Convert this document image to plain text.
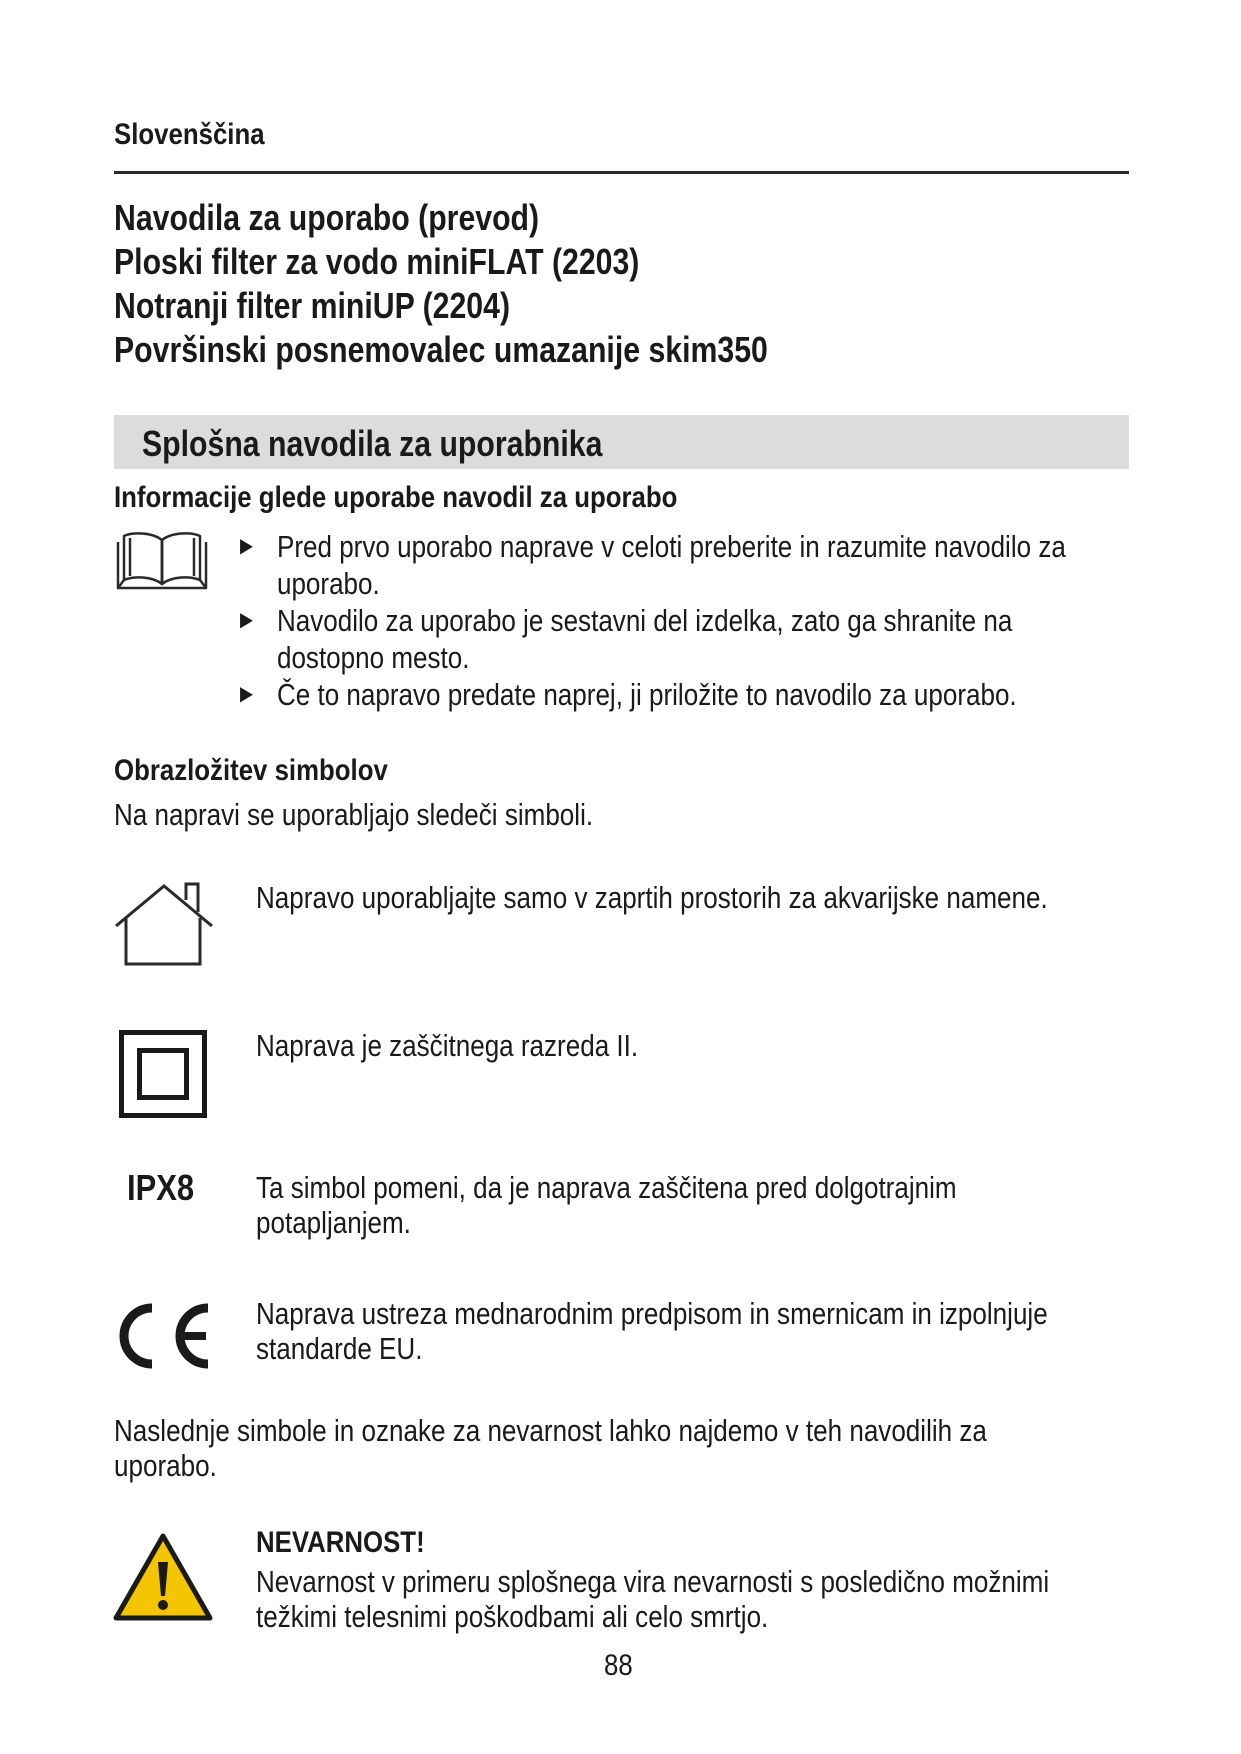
Slovenščina
Navodila za uporabo (prevod)
Ploski filter za vodo miniFLAT (2203)
Notranji filter miniUP (2204)
Površinski posnemovalec umazanije skim350
Splošna navodila za uporabnika
Informacije glede uporabe navodil za uporabo
▶ Pred prvo uporabo naprave v celoti preberite in razumite navodilo za
uporabo.
▶ Navodilo za uporabo je sestavni del izdelka, zato ga shranite na
dostopno mesto.
▶ Če to napravo predate naprej, ji priložite to navodilo za uporabo.
Obrazložitev simbolov
Na napravi se uporabljajo sledeči simboli.
Napravo uporabljajte samo v zaprtih prostorih za akvarijske namene.
Naprava je zaščitnega razreda II.
IPX8 Ta simbol pomeni, da je naprava zaščitena pred dolgotrajnim
potapljanjem.
Naprava ustreza mednarodnim predpisom in smernicam in izpolnjuje
standarde EU.
Naslednje simbole in oznake za nevarnost lahko najdemo v teh navodilih za
uporabo.
NEVARNOST!
Nevarnost v primeru splošnega vira nevarnosti s posledično možnimi
težkimi telesnimi poškodbami ali celo smrtjo.
88
